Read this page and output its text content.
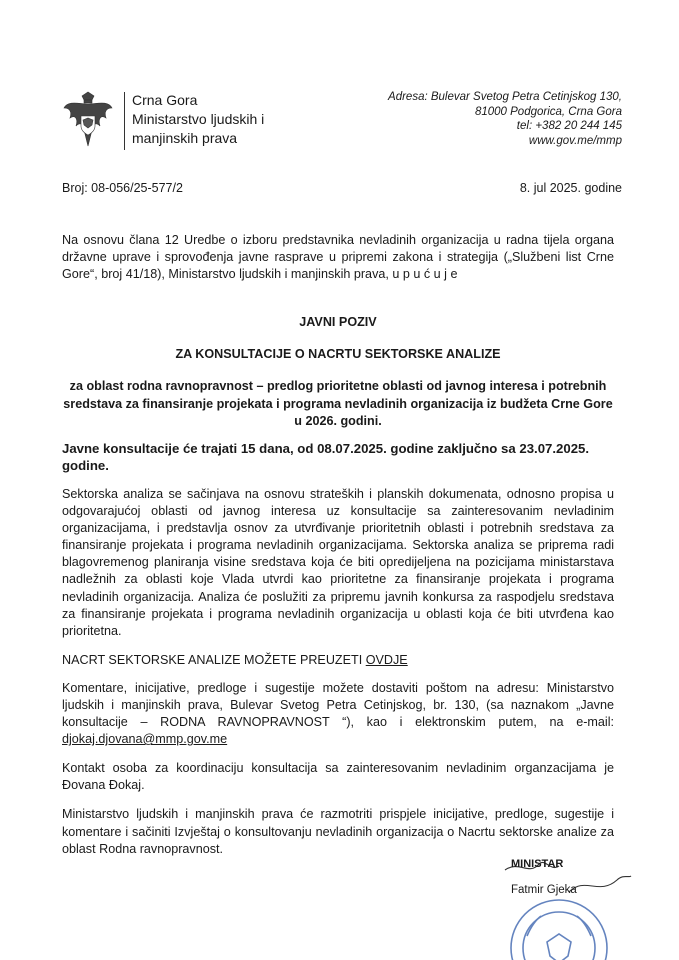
Crna Gora
Ministarstvo ljudskih i
manjinskih prava
Adresa: Bulevar Svetog Petra Cetinjskog 130,
81000 Podgorica, Crna Gora
tel: +382 20 244 145
www.gov.me/mmp
Broj: 08-056/25-577/2	8. jul 2025. godine

Na osnovu člana 12 Uredbe o izboru predstavnika nevladinih organizacija u radna tijela organa državne uprave i sprovođenja javne rasprave u pripremi zakona i strategija („Službeni list Crne Gore“, broj 41/18), Ministarstvo ljudskih i manjinskih prava, u p u ć u j e

JAVNI POZIV

ZA KONSULTACIJE O NACRTU SEKTORSKE ANALIZE

za oblast rodna ravnopravnost – predlog prioritetne oblasti od javnog interesa i potrebnih sredstava za finansiranje projekata i programa nevladinih organizacija iz budžeta Crne Gore u 2026. godini.

Javne konsultacije će trajati 15 dana, od 08.07.2025. godine zaključno sa 23.07.2025. godine.

Sektorska analiza se sačinjava na osnovu strateških i planskih dokumenata, odnosno propisa u odgovarajućoj oblasti od javnog interesa uz konsultacije sa zainteresovanim nevladinim organizacijama, i predstavlja osnov za utvrđivanje prioritetnih oblasti i potrebnih sredstava za finansiranje projekata i programa nevladinih organizacijama. Sektorska analiza se priprema radi blagovremenog planiranja visine sredstava koja će biti opredijeljena na pozicijama ministarstava nadležnih za oblasti koje Vlada utvrdi kao prioritetne za finansiranje projekata i programa nevladinih organizacija. Analiza će poslužiti za pripremu javnih konkursa za raspodjelu sredstava za finansiranje projekata i programa nevladinih organizacija u oblasti koja će biti utvrđena kao prioritetna.

NACRT SEKTORSKE ANALIZE MOŽETE PREUZETI OVDJE

Komentare, inicijative, predloge i sugestije možete dostaviti poštom na adresu: Ministarstvo ljudskih i manjinskih prava, Bulevar Svetog Petra Cetinjskog, br. 130, (sa naznakom „Javne konsultacije – RODNA RAVNOPRAVNOST “), kao i elektronskim putem, na e-mail: djokaj.djovana@mmp.gov.me

Kontakt osoba za koordinaciju konsultacija sa zainteresovanim nevladinim organzacijama je Đovana Đokaj.

Ministarstvo ljudskih i manjinskih prava će razmotriti prispjele inicijative, predloge, sugestije i komentare i sačiniti Izvještaj o konsultovanju nevladinih organizacija o Nacrtu sektorske analize za oblast Rodna ravnopravnost.

MINISTAR
Fatmir Gjeka
